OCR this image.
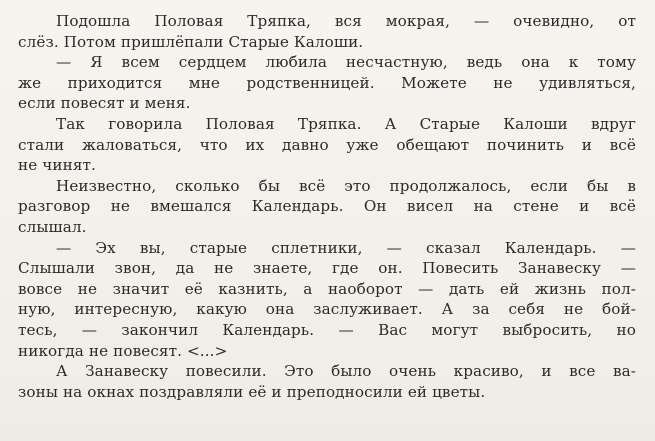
Подошла Половая Тряпка, вся мокрая, — очевидно, от
слёз. Потом пришлёпали Старые Калоши.
— Я всем сердцем любила несчастную, ведь она к тому
же приходится мне родственницей. Можете не удивляться,
если повесят и меня.
Так говорила Половая Тряпка. А Старые Калоши вдруг
стали жаловаться, что их давно уже обещают починить и всё
не чинят.
Неизвестно, сколько бы всё это продолжалось, если бы в
разговор не вмешался Календарь. Он висел на стене и всё
слышал.
— Эх вы, старые сплетники, — сказал Календарь. —
Слышали звон, да не знаете, где он. Повесить Занавеску —
вовсе не значит её казнить, а наоборот — дать ей жизнь пол-
ную, интересную, какую она заслуживает. А за себя не бой-
тесь, — закончил Календарь. — Вас могут выбросить, но
никогда не повесят. <...>
А Занавеску повесили. Это было очень красиво, и все ва-
зоны на окнах поздравляли её и преподносили ей цветы.
